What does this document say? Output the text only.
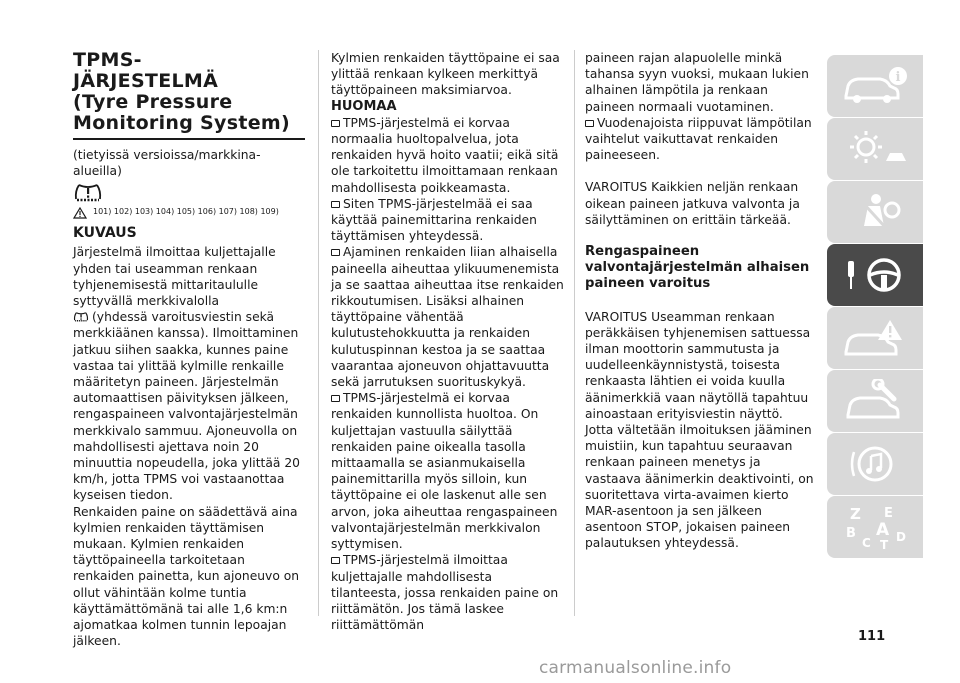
TPMS-
JÄRJESTELMÄ
(Tyre Pressure
Monitoring System)

(tietyissä versioissa/markkina-alueilla)

101) 102) 103) 104) 105) 106) 107) 108) 109)
KUVAUS

Järjestelmä ilmoittaa kuljettajalle yhden tai useamman renkaan tyhjenemisestä mittaritaululle syttyvällä merkkivalolla
(yhdessä varoitusviestin sekä merkkiäänen kanssa). Ilmoittaminen jatkuu siihen saakka, kunnes paine vastaa tai ylittää kylmille renkaille määritetyn paineen. Järjestelmän automaattisen päivityksen jälkeen, rengaspaineen valvontajärjestelmän merkkivalo sammuu. Ajoneuvolla on mahdollisesti ajettava noin 20 minuuttia nopeudella, joka ylittää 20 km/h, jotta TPMS voi vastaanottaa kyseisen tiedon.

Renkaiden paine on säädettävä aina kylmien renkaiden täyttämisen mukaan. Kylmien renkaiden täyttöpaineella tarkoitetaan renkaiden painetta, kun ajoneuvo on ollut vähintään kolme tuntia käyttämättömänä tai alle 1,6 km:n ajomatkaa kolmen tunnin lepoajan jälkeen.

Kylmien renkaiden täyttöpaine ei saa ylittää renkaan kylkeen merkittyä täyttöpaineen maksimiarvoa.

HUOMAA

TPMS-järjestelmä ei korvaa normaalia huoltopalvelua, jota renkaiden hyvä hoito vaatii; eikä sitä ole tarkoitettu ilmoittamaan renkaan mahdollisesta poikkeamasta.

Siten TPMS-järjestelmää ei saa käyttää painemittarina renkaiden täyttämisen yhteydessä.

Ajaminen renkaiden liian alhaisella paineella aiheuttaa ylikuumenemista ja se saattaa aiheuttaa itse renkaiden rikkoutumisen. Lisäksi alhainen täyttöpaine vähentää kulutustehokkuutta ja renkaiden kulutuspinnan kestoa ja se saattaa vaarantaa ajoneuvon ohjattavuutta sekä jarrutuksen suorituskykyä.

TPMS-järjestelmä ei korvaa renkaiden kunnollista huoltoa. On kuljettajan vastuulla säilyttää renkaiden paine oikealla tasolla mittaamalla se asianmukaisella painemittarilla myös silloin, kun täyttöpaine ei ole laskenut alle sen arvon, joka aiheuttaa rengaspaineen valvontajärjestelmän merkkivalon syttymisen.

TPMS-järjestelmä ilmoittaa kuljettajalle mahdollisesta tilanteesta, jossa renkaiden paine on riittämätön. Jos tämä laskee riittämättömän

paineen rajan alapuolelle minkä tahansa syyn vuoksi, mukaan lukien alhainen lämpötila ja renkaan paineen normaali vuotaminen.

Vuodenajoista riippuvat lämpötilan vaihtelut vaikuttavat renkaiden paineeseen.

VAROITUS Kaikkien neljän renkaan oikean paineen jatkuva valvonta ja säilyttäminen on erittäin tärkeää.

Rengaspaineen valvontajärjestelmän alhaisen paineen varoitus

VAROITUS Useamman renkaan peräkkäisen tyhjenemisen sattuessa ilman moottorin sammutusta ja uudelleenkäynnistystä, toisesta renkaasta lähtien ei voida kuulla äänimerkkiä vaan näytöllä tapahtuu ainoastaan erityisviestin näyttö.

Jotta vältetään ilmoituksen jääminen muistiin, kun tapahtuu seuraavan renkaan paineen menetys ja vastaava äänimerkin deaktivointi, on suoritettava virta-avaimen kierto MAR-asentoon ja sen jälkeen asentoon STOP, jokaisen paineen palautuksen yhteydessä.

i
Z E
B A
C T
D
111
carmanualsonline.info
